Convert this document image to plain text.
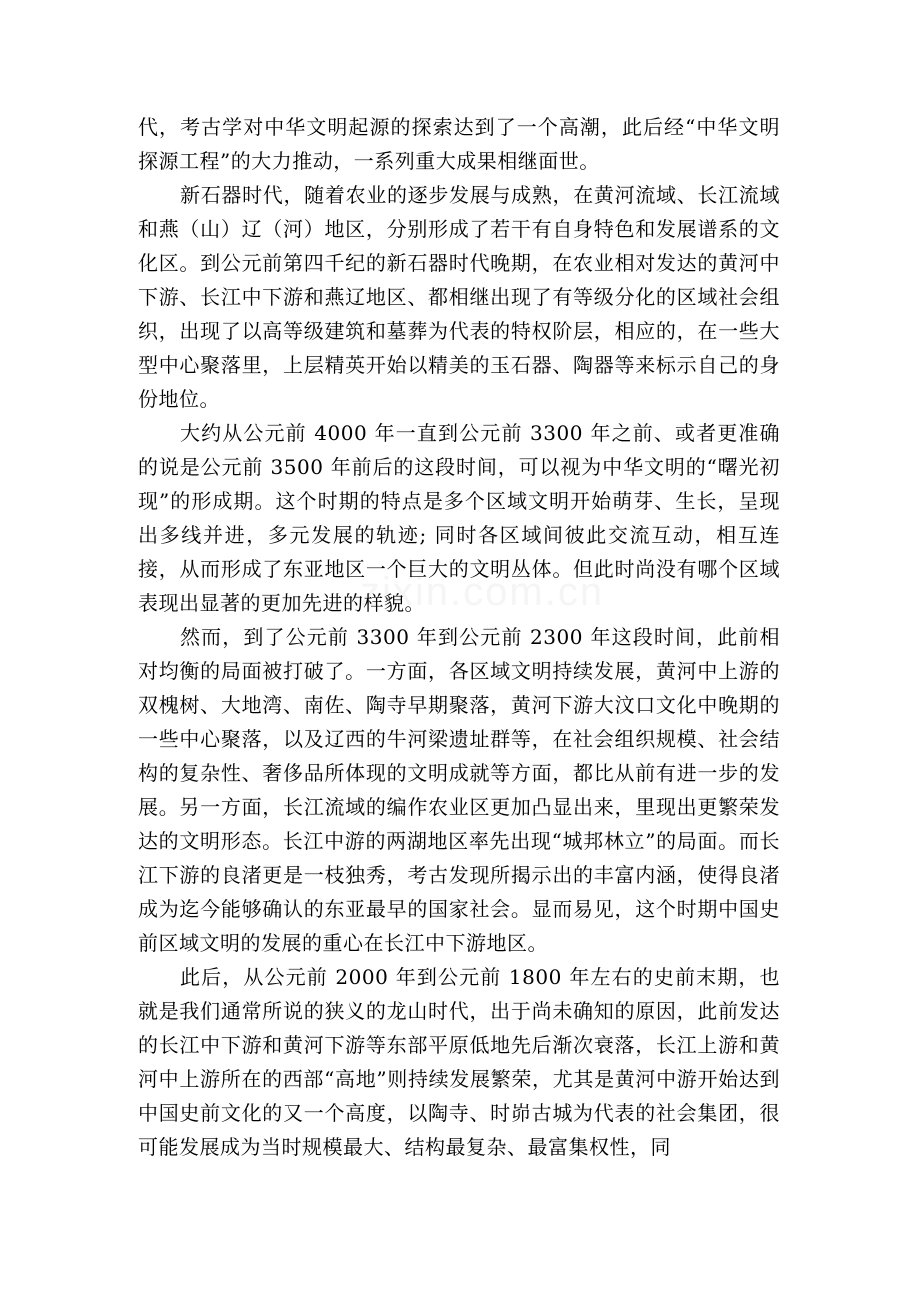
zixin.com.cn

代，考古学对中华文明起源的探索达到了一个高潮，此后经“中华文明探源工程”的大力推动，一系列重大成果相继面世。

新石器时代，随着农业的逐步发展与成熟，在黄河流域、长江流域和燕（山）辽（河）地区，分别形成了若干有自身特色和发展谱系的文化区。到公元前第四千纪的新石器时代晚期，在农业相对发达的黄河中下游、长江中下游和燕辽地区、都相继出现了有等级分化的区域社会组织，出现了以高等级建筑和墓葬为代表的特权阶层，相应的，在一些大型中心聚落里，上层精英开始以精美的玉石器、陶器等来标示自己的身份地位。

大约从公元前 4000 年一直到公元前 3300 年之前、或者更准确的说是公元前 3500 年前后的这段时间，可以视为中华文明的“曙光初现”的形成期。这个时期的特点是多个区域文明开始萌芽、生长，呈现出多线并进，多元发展的轨迹; 同时各区域间彼此交流互动，相互连接，从而形成了东亚地区一个巨大的文明丛体。但此时尚没有哪个区域表现出显著的更加先进的样貌。

然而，到了公元前 3300 年到公元前 2300 年这段时间，此前相对均衡的局面被打破了。一方面，各区域文明持续发展，黄河中上游的双槐树、大地湾、南佐、陶寺早期聚落，黄河下游大汶口文化中晚期的一些中心聚落，以及辽西的牛河梁遗址群等，在社会组织规模、社会结构的复杂性、奢侈品所体现的文明成就等方面，都比从前有进一步的发展。另一方面，长江流域的编作农业区更加凸显出来，里现出更繁荣发达的文明形态。长江中游的两湖地区率先出现“城邦林立”的局面。而长江下游的良渚更是一枝独秀，考古发现所揭示出的丰富内涵，使得良渚成为迄今能够确认的东亚最早的国家社会。显而易见，这个时期中国史前区域文明的发展的重心在长江中下游地区。

此后，从公元前 2000 年到公元前 1800 年左右的史前末期，也就是我们通常所说的狭义的龙山时代，出于尚未确知的原因，此前发达的长江中下游和黄河下游等东部平原低地先后渐次衰落，长江上游和黄河中上游所在的西部“高地”则持续发展繁荣，尤其是黄河中游开始达到中国史前文化的又一个高度，以陶寺、时峁古城为代表的社会集团，很可能发展成为当时规模最大、结构最复杂、最富集权性，同
